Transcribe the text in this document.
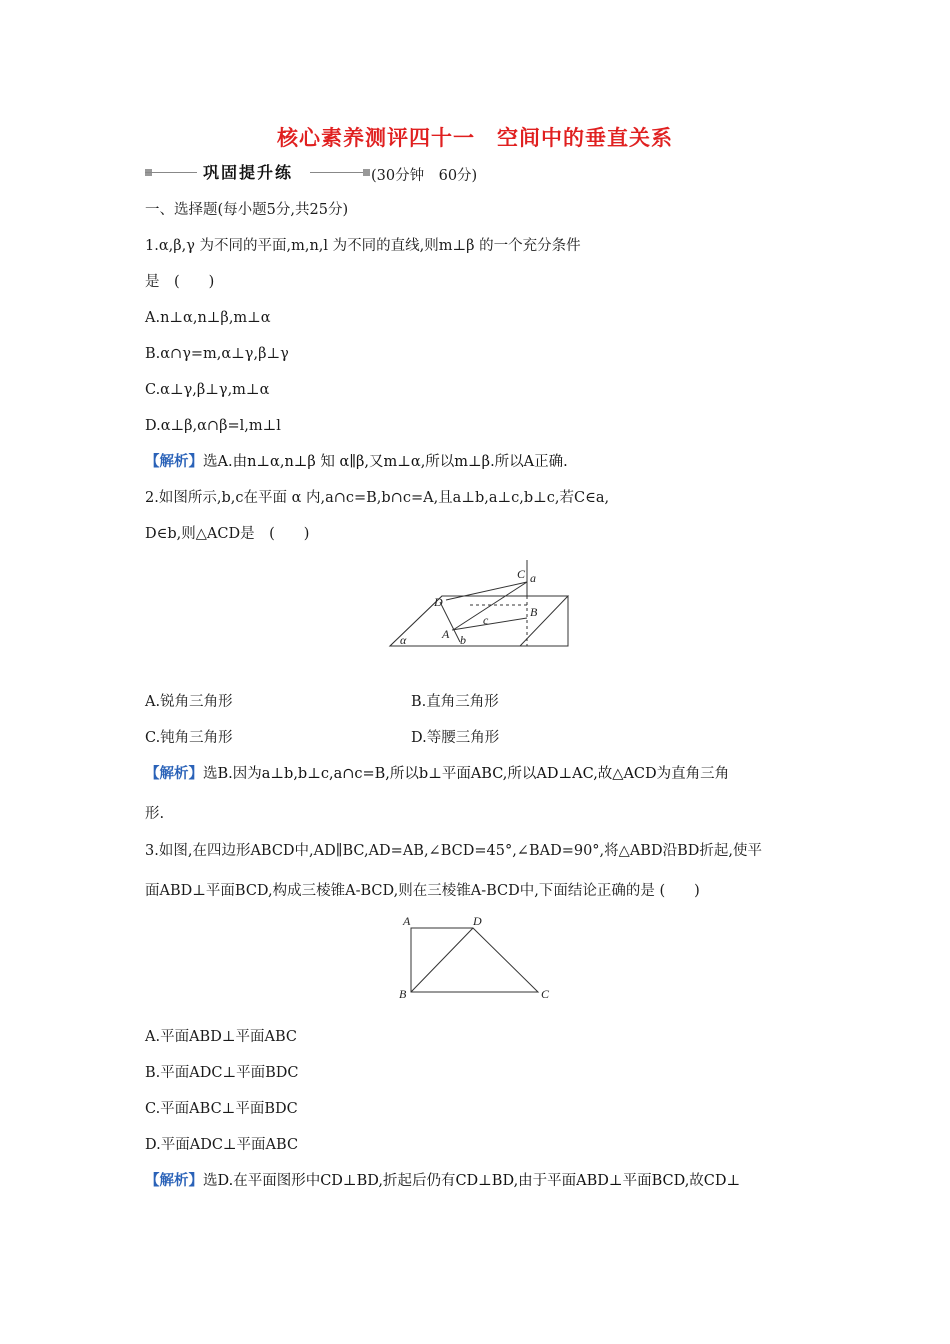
核心素养测评四十一　空间中的垂直关系
巩固提升练	(30分钟　60分)
一、选择题(每小题5分,共25分)
1.α,β,γ 为不同的平面,m,n,l 为不同的直线,则m⊥β 的一个充分条件
是　(　　)
A.n⊥α,n⊥β,m⊥α
B.α∩γ=m,α⊥γ,β⊥γ
C.α⊥γ,β⊥γ,m⊥α
D.α⊥β,α∩β=l,m⊥l
【解析】选A.由n⊥α,n⊥β 知 α∥β,又m⊥α,所以m⊥β.所以A正确.
2.如图所示,b,c在平面 α 内,a∩c=B,b∩c=A,且a⊥b,a⊥c,b⊥c,若C∈a,
D∈b,则△ACD是　(　　)
C a
D
B
c
A b
α
A.锐角三角形	B.直角三角形
C.钝角三角形	D.等腰三角形
【解析】选B.因为a⊥b,b⊥c,a∩c=B,所以b⊥平面ABC,所以AD⊥AC,故△ACD为直角三角
形.
3.如图,在四边形ABCD中,AD∥BC,AD=AB,∠BCD=45°,∠BAD=90°,将△ABD沿BD折起,使平
面ABD⊥平面BCD,构成三棱锥A-BCD,则在三棱锥A-BCD中,下面结论正确的是 (　　)
A	D
B	C
A.平面ABD⊥平面ABC
B.平面ADC⊥平面BDC
C.平面ABC⊥平面BDC
D.平面ADC⊥平面ABC
【解析】选D.在平面图形中CD⊥BD,折起后仍有CD⊥BD,由于平面ABD⊥平面BCD,故CD⊥
